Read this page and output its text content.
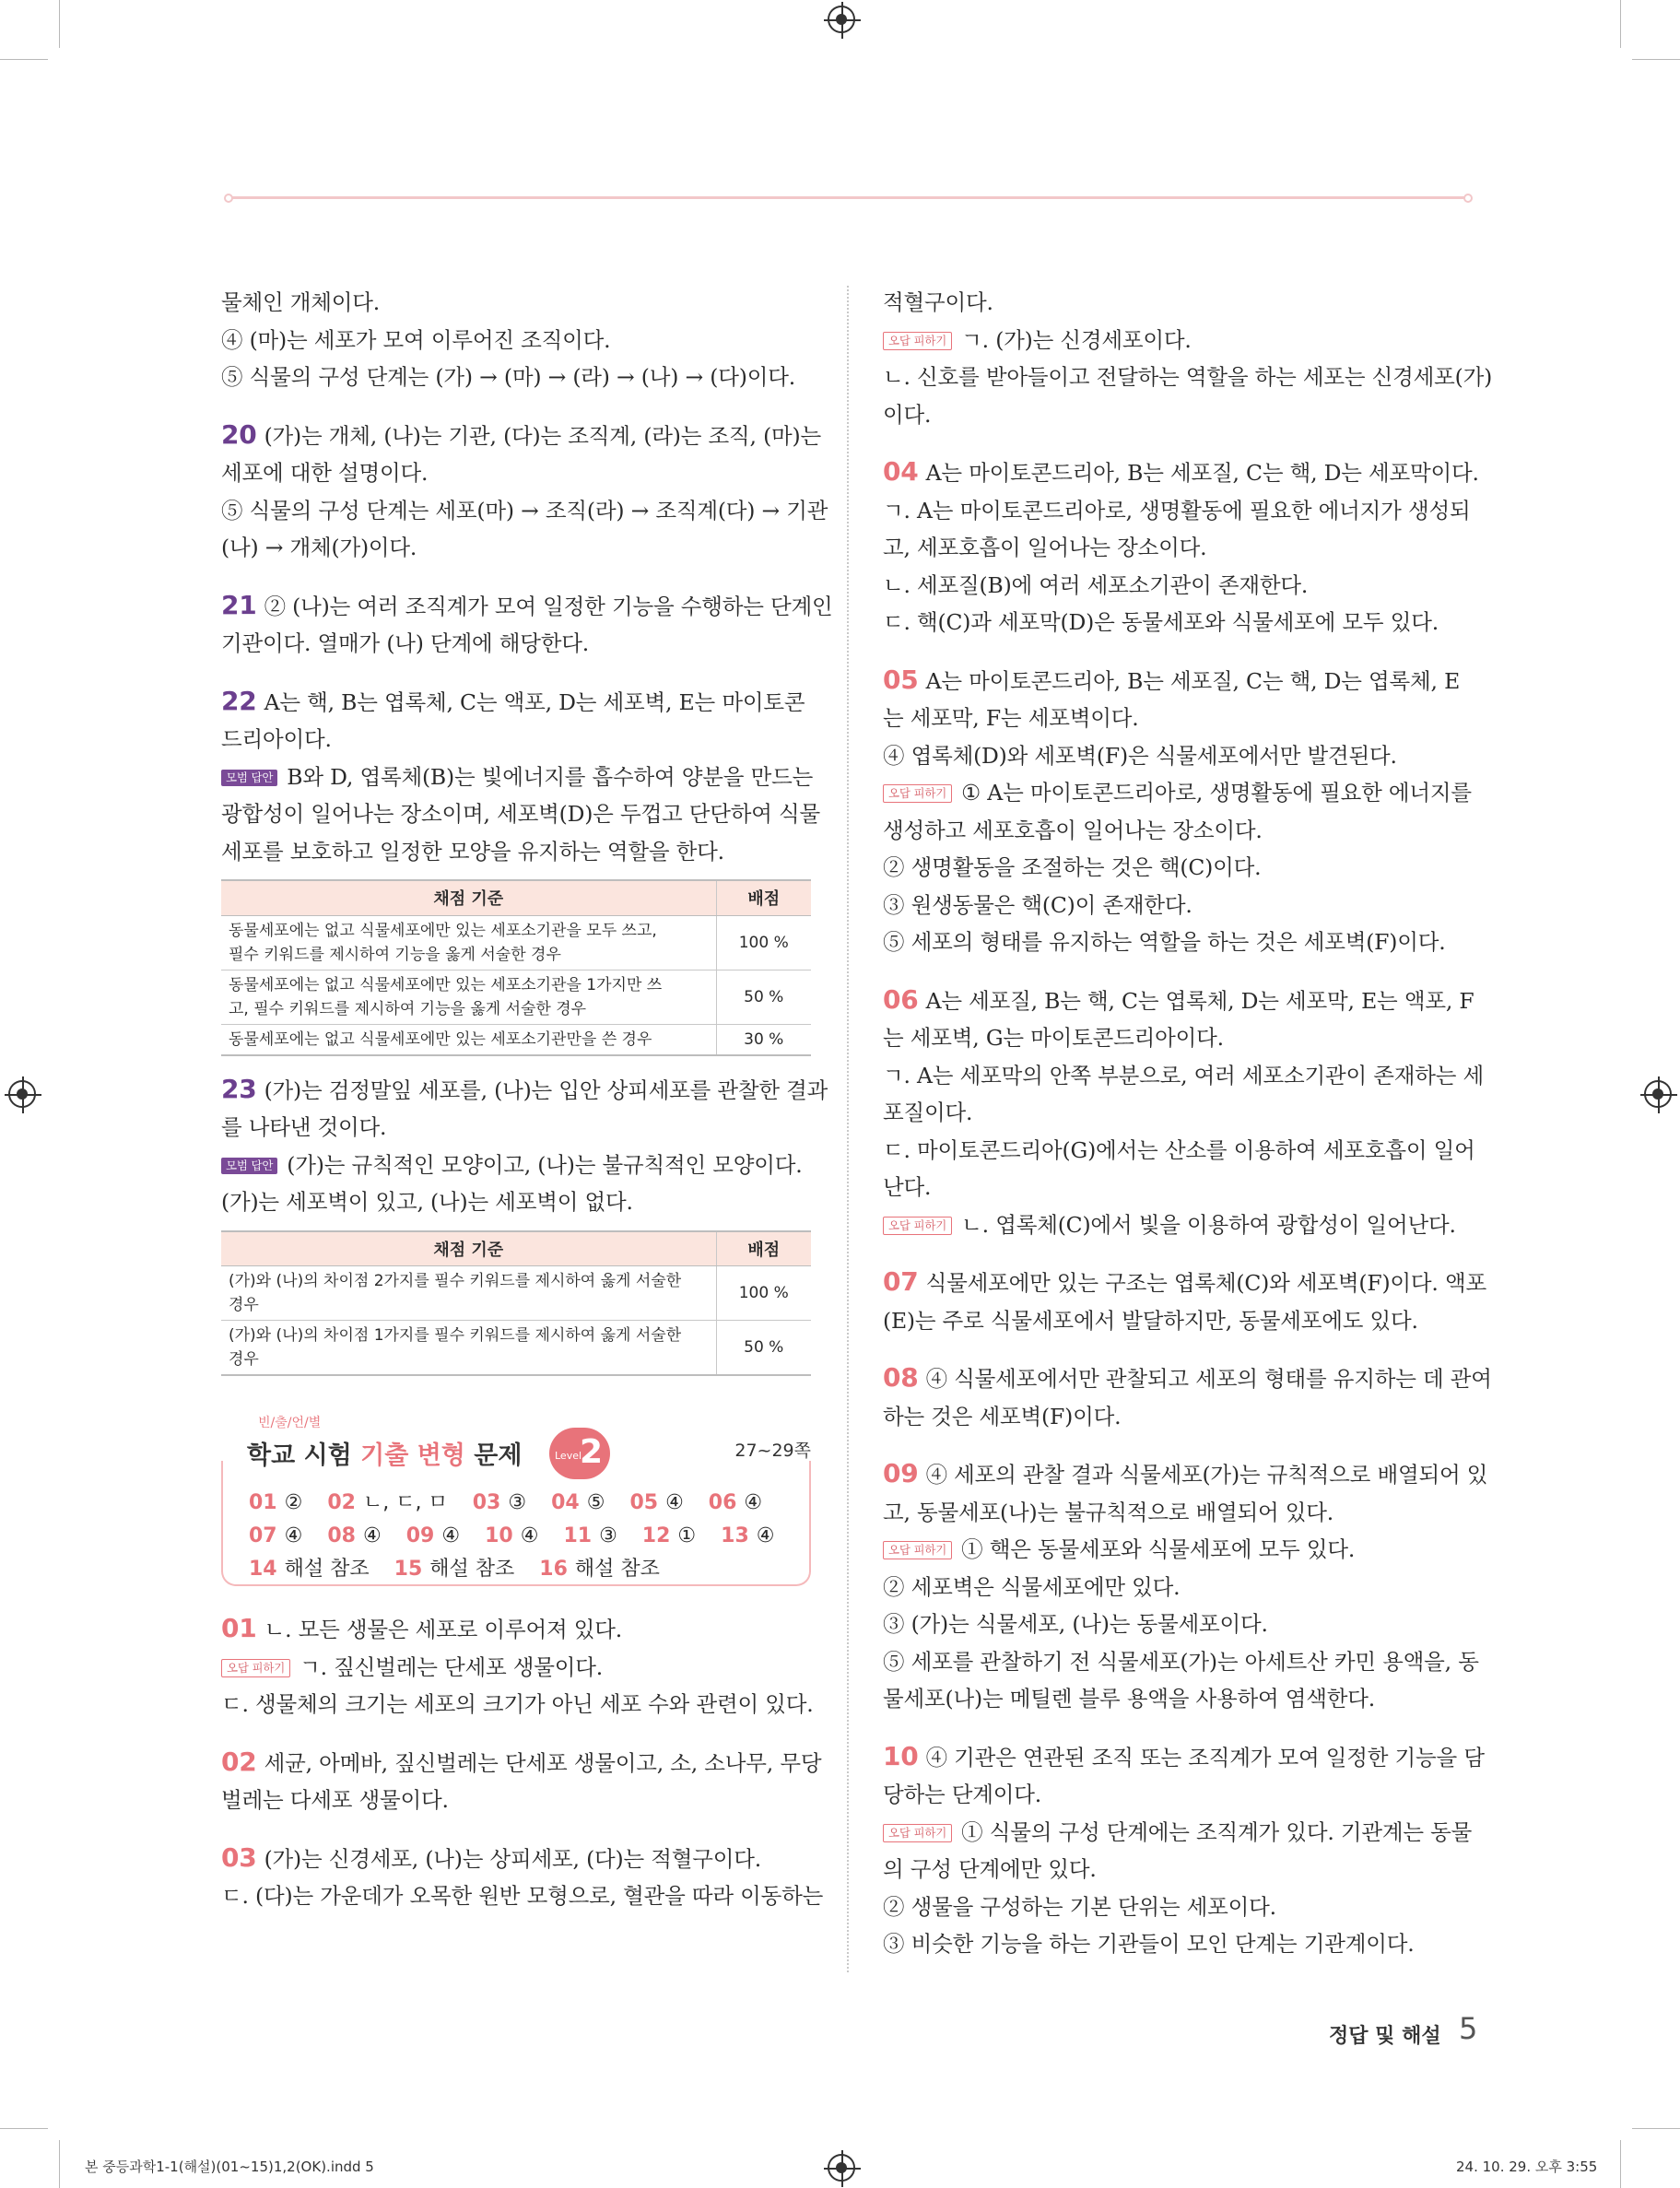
물체인 개체이다.
④ (마)는 세포가 모여 이루어진 조직이다.
⑤ 식물의 구성 단계는 (가) → (마) → (라) → (나) → (다)이다.
20 (가)는 개체, (나)는 기관, (다)는 조직계, (라)는 조직, (마)는
세포에 대한 설명이다.
⑤ 식물의 구성 단계는 세포(마) → 조직(라) → 조직계(다) → 기관
(나) → 개체(가)이다.
21 ② (나)는 여러 조직계가 모여 일정한 기능을 수행하는 단계인
기관이다. 열매가 (나) 단계에 해당한다.
22 A는 핵, B는 엽록체, C는 액포, D는 세포벽, E는 마이토콘
드리아이다.
모범 답안 B와 D, 엽록체(B)는 빛에너지를 흡수하여 양분을 만드는
광합성이 일어나는 장소이며, 세포벽(D)은 두껍고 단단하여 식물
세포를 보호하고 일정한 모양을 유지하는 역할을 한다.
채점 기준	배점

동물세포에는 없고 식물세포에만 있는 세포소기관을 모두 쓰고,
필수 키워드를 제시하여 기능을 옳게 서술한 경우	100 %

동물세포에는 없고 식물세포에만 있는 세포소기관을 1가지만 쓰
고, 필수 키워드를 제시하여 기능을 옳게 서술한 경우	50 %
동물세포에는 없고 식물세포에만 있는 세포소기관만을 쓴 경우	30 %
23 (가)는 검정말잎 세포를, (나)는 입안 상피세포를 관찰한 결과
를 나타낸 것이다.
모범 답안 (가)는 규칙적인 모양이고, (나)는 불규칙적인 모양이다.
(가)는 세포벽이 있고, (나)는 세포벽이 없다.
채점 기준	배점

(가)와 (나)의 차이점 2가지를 필수 키워드를 제시하여 옳게 서술한
경우	100 %

(가)와 (나)의 차이점 1가지를 필수 키워드를 제시하여 옳게 서술한
경우	50 %
빈/출/언/별
학교 시험 기출 변형 문제	Level
2	27~29쪽
01 ② 02 ㄴ, ㄷ, ㅁ 03 ③ 04 ⑤ 05 ④ 06 ④
07 ④ 08 ④ 09 ④ 10 ④ 11 ③ 12 ① 13 ④
14 해설 참조 15 해설 참조 16 해설 참조
01 ㄴ. 모든 생물은 세포로 이루어져 있다.
오답 피하기 ㄱ. 짚신벌레는 단세포 생물이다.
ㄷ. 생물체의 크기는 세포의 크기가 아닌 세포 수와 관련이 있다.
02 세균, 아메바, 짚신벌레는 단세포 생물이고, 소, 소나무, 무당
벌레는 다세포 생물이다.
03 (가)는 신경세포, (나)는 상피세포, (다)는 적혈구이다.
ㄷ. (다)는 가운데가 오목한 원반 모형으로, 혈관을 따라 이동하는
적혈구이다.
오답 피하기 ㄱ. (가)는 신경세포이다.
ㄴ. 신호를 받아들이고 전달하는 역할을 하는 세포는 신경세포(가)
이다.
04 A는 마이토콘드리아, B는 세포질, C는 핵, D는 세포막이다.
ㄱ. A는 마이토콘드리아로, 생명활동에 필요한 에너지가 생성되
고, 세포호흡이 일어나는 장소이다.
ㄴ. 세포질(B)에 여러 세포소기관이 존재한다.
ㄷ. 핵(C)과 세포막(D)은 동물세포와 식물세포에 모두 있다.
05 A는 마이토콘드리아, B는 세포질, C는 핵, D는 엽록체, E
는 세포막, F는 세포벽이다.
④ 엽록체(D)와 세포벽(F)은 식물세포에서만 발견된다.
오답 피하기 ① A는 마이토콘드리아로, 생명활동에 필요한 에너지를
생성하고 세포호흡이 일어나는 장소이다.
② 생명활동을 조절하는 것은 핵(C)이다.
③ 원생동물은 핵(C)이 존재한다.
⑤ 세포의 형태를 유지하는 역할을 하는 것은 세포벽(F)이다.
06 A는 세포질, B는 핵, C는 엽록체, D는 세포막, E는 액포, F
는 세포벽, G는 마이토콘드리아이다.
ㄱ. A는 세포막의 안쪽 부분으로, 여러 세포소기관이 존재하는 세
포질이다.
ㄷ. 마이토콘드리아(G)에서는 산소를 이용하여 세포호흡이 일어
난다.
오답 피하기 ㄴ. 엽록체(C)에서 빛을 이용하여 광합성이 일어난다.
07 식물세포에만 있는 구조는 엽록체(C)와 세포벽(F)이다. 액포
(E)는 주로 식물세포에서 발달하지만, 동물세포에도 있다.
08 ④ 식물세포에서만 관찰되고 세포의 형태를 유지하는 데 관여
하는 것은 세포벽(F)이다.
09 ④ 세포의 관찰 결과 식물세포(가)는 규칙적으로 배열되어 있
고, 동물세포(나)는 불규칙적으로 배열되어 있다.
오답 피하기 ① 핵은 동물세포와 식물세포에 모두 있다.
② 세포벽은 식물세포에만 있다.
③ (가)는 식물세포, (나)는 동물세포이다.
⑤ 세포를 관찰하기 전 식물세포(가)는 아세트산 카민 용액을, 동
물세포(나)는 메틸렌 블루 용액을 사용하여 염색한다.
10 ④ 기관은 연관된 조직 또는 조직계가 모여 일정한 기능을 담
당하는 단계이다.
오답 피하기 ① 식물의 구성 단계에는 조직계가 있다. 기관계는 동물
의 구성 단계에만 있다.
② 생물을 구성하는 기본 단위는 세포이다.
③ 비슷한 기능을 하는 기관들이 모인 단계는 기관계이다.
정답 및 해설 5
본 중등과학1-1(해설)(01~15)1,2(OK).indd 5	24. 10. 29. 오후 3:55
